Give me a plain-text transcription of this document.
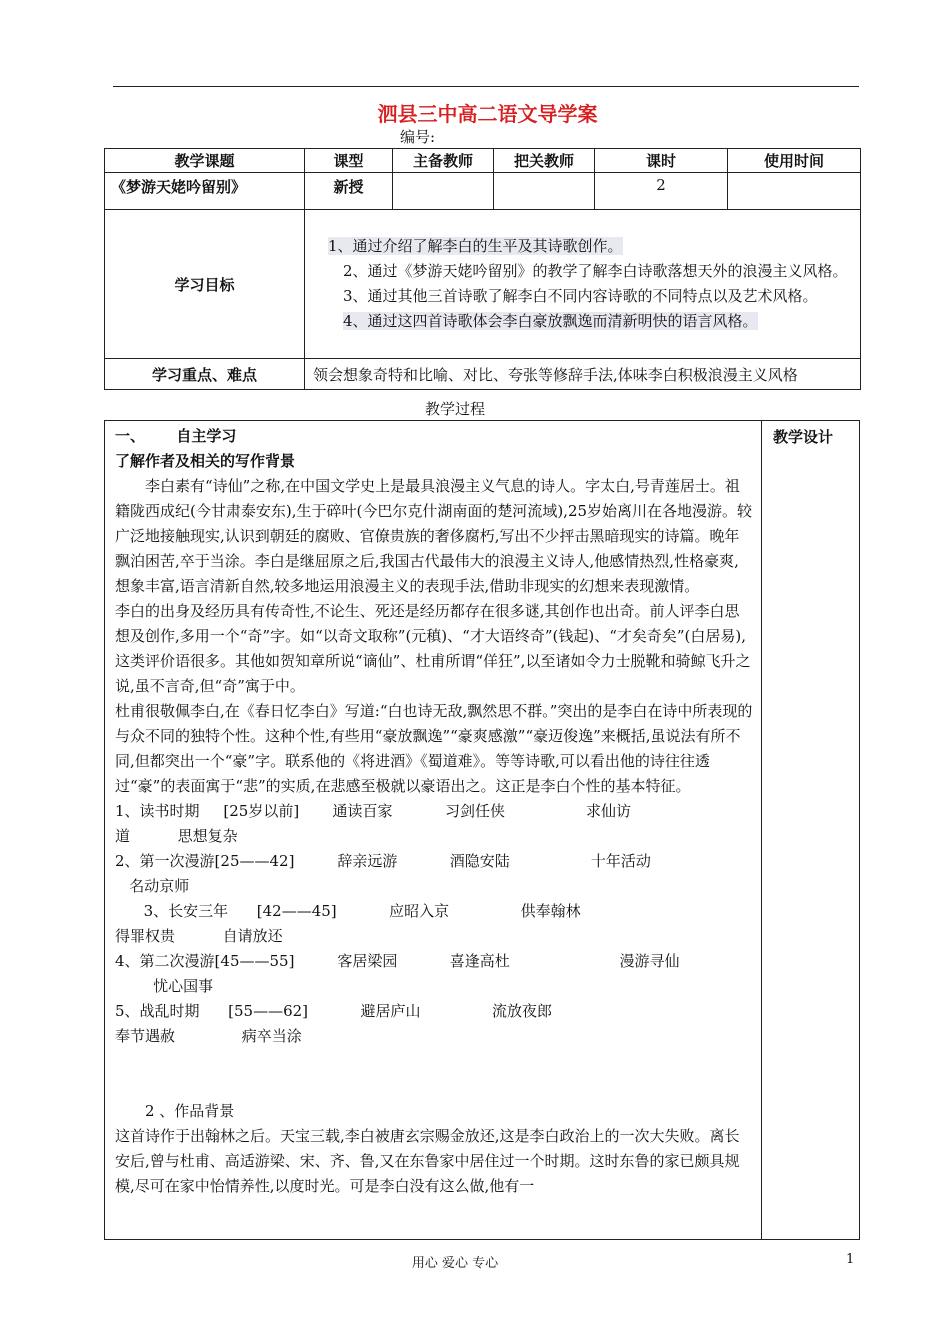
泗县三中高二语文导学案
编号:
教学课题	课型	主备教师	把关教师	课时	使用时间
《梦游天姥吟留别》	新授			2	
学习目标	1、通过介绍了解李白的生平及其诗歌创作。

2、通过《梦游天姥吟留别》的教学了解李白诗歌落想天外的浪漫主义风格。

3、通过其他三首诗歌了解李白不同内容诗歌的不同特点以及艺术风格。

4、通过这四首诗歌体会李白豪放飘逸而清新明快的语言风格。				

学习重点、难点	领会想象奇特和比喻、对比、夸张等修辞手法,体味李白积极浪漫主义风格				
教学过程
教学设计

一、      自主学习

了解作者及相关的写作背景

李白素有“诗仙”之称,在中国文学史上是最具浪漫主义气息的诗人。字太白,号青莲居士。祖籍陇西成纪(今甘肃泰安东),生于碎叶(今巴尔克什湖南面的楚河流域),25岁始离川在各地漫游。较广泛地接触现实,认识到朝廷的腐败、官僚贵族的奢侈腐朽,写出不少抨击黑暗现实的诗篇。晚年飘泊困苦,卒于当涂。李白是继屈原之后,我国古代最伟大的浪漫主义诗人,他感情热烈,性格豪爽,想象丰富,语言清新自然,较多地运用浪漫主义的表现手法,借助非现实的幻想来表现激情。

李白的出身及经历具有传奇性,不论生、死还是经历都存在很多谜,其创作也出奇。前人评李白思想及创作,多用一个“奇”字。如“以奇文取称”(元稹)、“才大语终奇”(钱起)、“才矣奇矣”(白居易),这类评价语很多。其他如贺知章所说“谪仙”、杜甫所谓“佯狂”,以至诸如令力士脱靴和骑鲸飞升之说,虽不言奇,但“奇”寓于中。

杜甫很敬佩李白,在《春日忆李白》写道:“白也诗无敌,飘然思不群。”突出的是李白在诗中所表现的与众不同的独特个性。这种个性,有些用“豪放飘逸”“豪爽感激”“豪迈俊逸”来概括,虽说法有所不同,但都突出一个“豪”字。联系他的《将进酒》《蜀道难》。等等诗歌,可以看出他的诗往往透过“豪”的表面寓于“悲”的实质,在悲感至极就以豪语出之。这正是李白个性的基本特征。

1、读书时期     [25岁以前]       通读百家           习剑任侠                 求仙访

道          思想复杂

2、第一次漫游[25——42]         辞亲远游           酒隐安陆                 十年活动

名动京师

3、长安三年      [42——45]           应昭入京               供奉翰林

得罪权贵          自请放还

4、第二次漫游[45——55]         客居梁园           喜逢高杜                       漫游寻仙

忧心国事

5、战乱时期      [55——62]           避居庐山               流放夜郎

奉节遇赦              病卒当涂

2 、作品背景

这首诗作于出翰林之后。天宝三载,李白被唐玄宗赐金放还,这是李白政治上的一次大失败。离长安后,曾与杜甫、高适游梁、宋、齐、鲁,又在东鲁家中居住过一个时期。这时东鲁的家已颇具规模,尽可在家中怡情养性,以度时光。可是李白没有这么做,他有一

用心 爱心 专心	1
